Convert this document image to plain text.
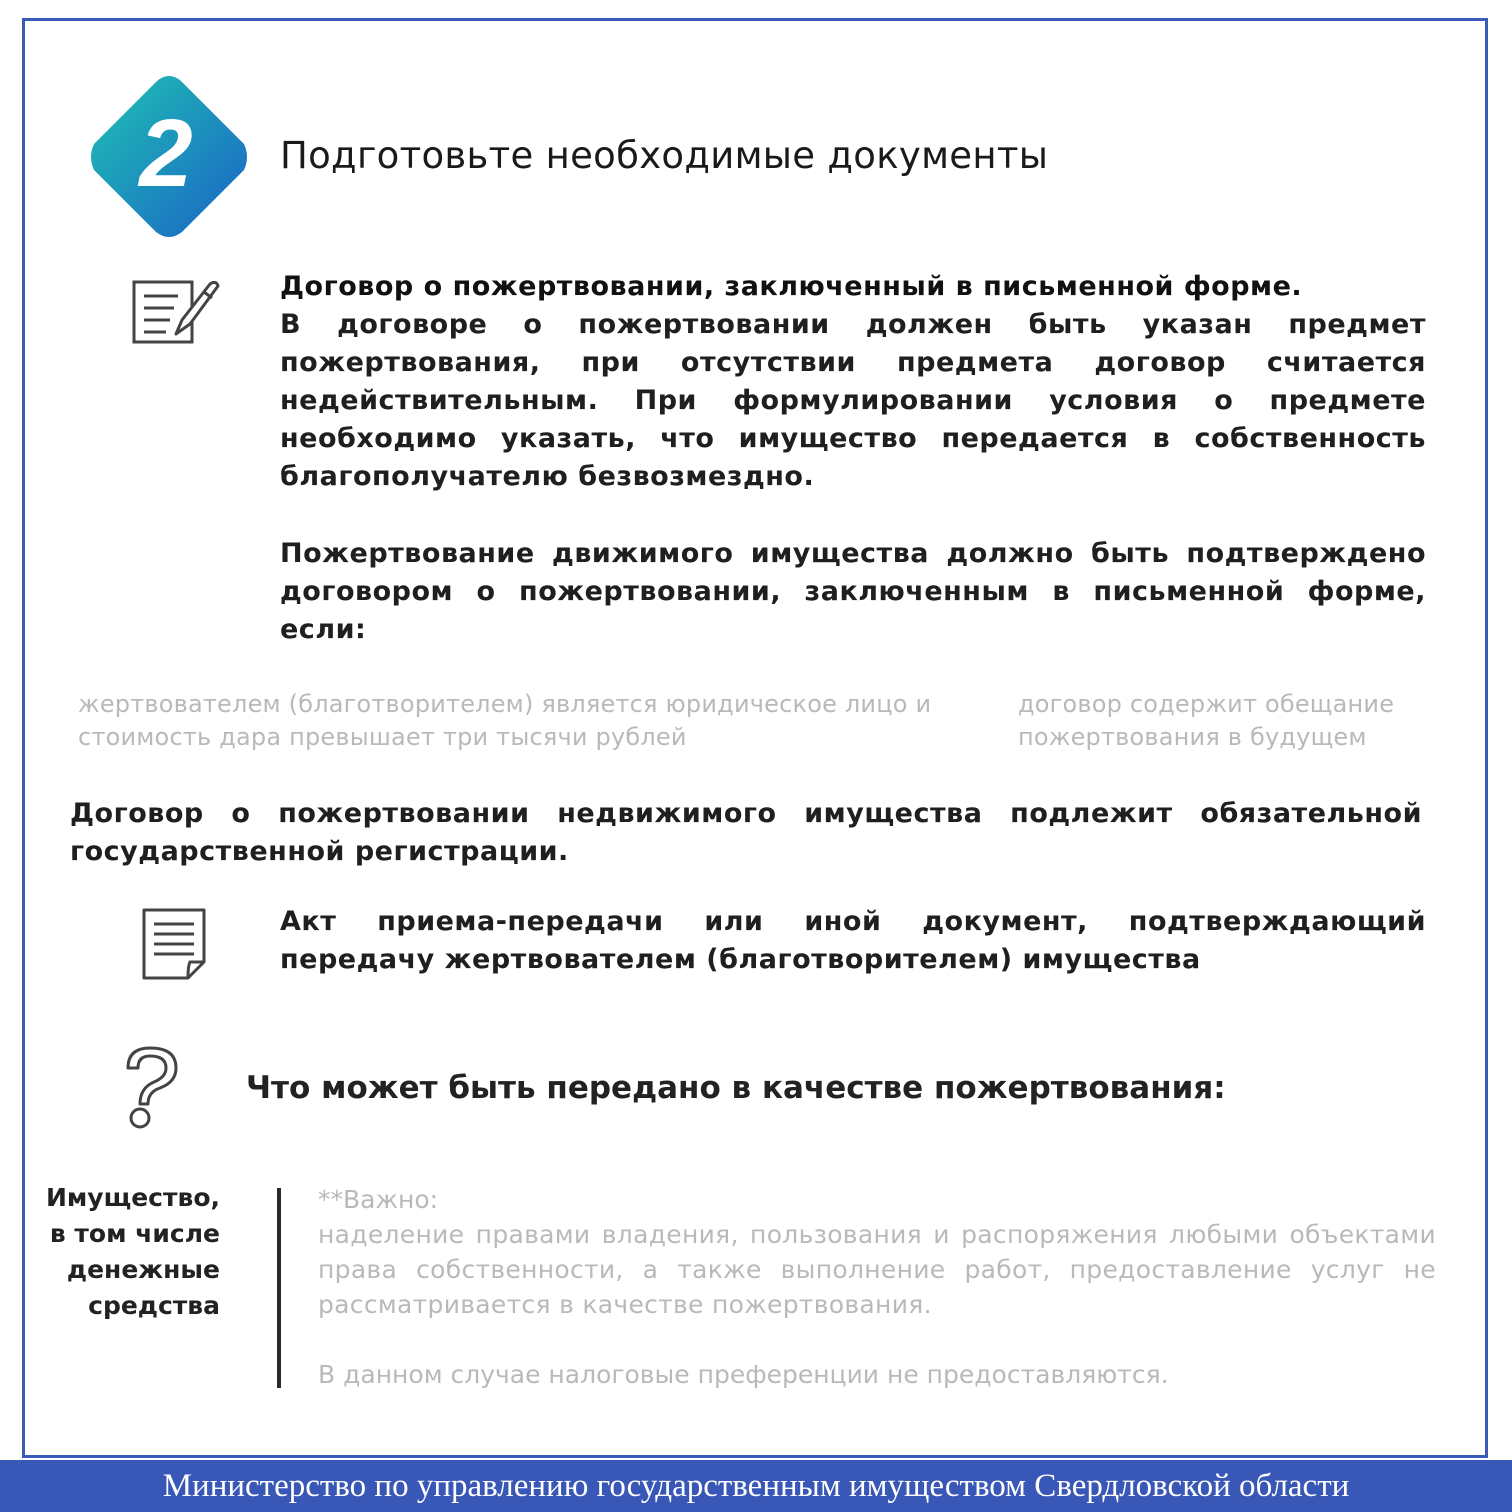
2 Подготовьте необходимые документы
Договор о пожертвовании, заключенный в письменной форме.
В договоре о пожертвовании должен быть указан предмет пожертвования, при отсутствии предмета договор считается недействительным. При формулировании условия о предмете необходимо указать, что имущество передается в собственность благополучателю безвозмездно.
Пожертвование движимого имущества должно быть подтверждено договором о пожертвовании, заключенным в письменной форме, если:
жертвователем (благотворителем) является юридическое лицо и стоимость дара превышает три тысячи рублей
договор содержит обещание пожертвования в будущем
Договор о пожертвовании недвижимого имущества подлежит обязательной государственной регистрации.
Акт приема-передачи или иной документ, подтверждающий передачу жертвователем (благотворителем) имущества
Что может быть передано в качестве пожертвования:
Имущество, в том числе денежные средства
**Важно:
наделение правами владения, пользования и распоряжения любыми объектами права собственности, а также выполнение работ, предоставление услуг не рассматривается в качестве пожертвования.
В данном случае налоговые преференции не предоставляются.
Министерство по управлению государственным имуществом Свердловской области
